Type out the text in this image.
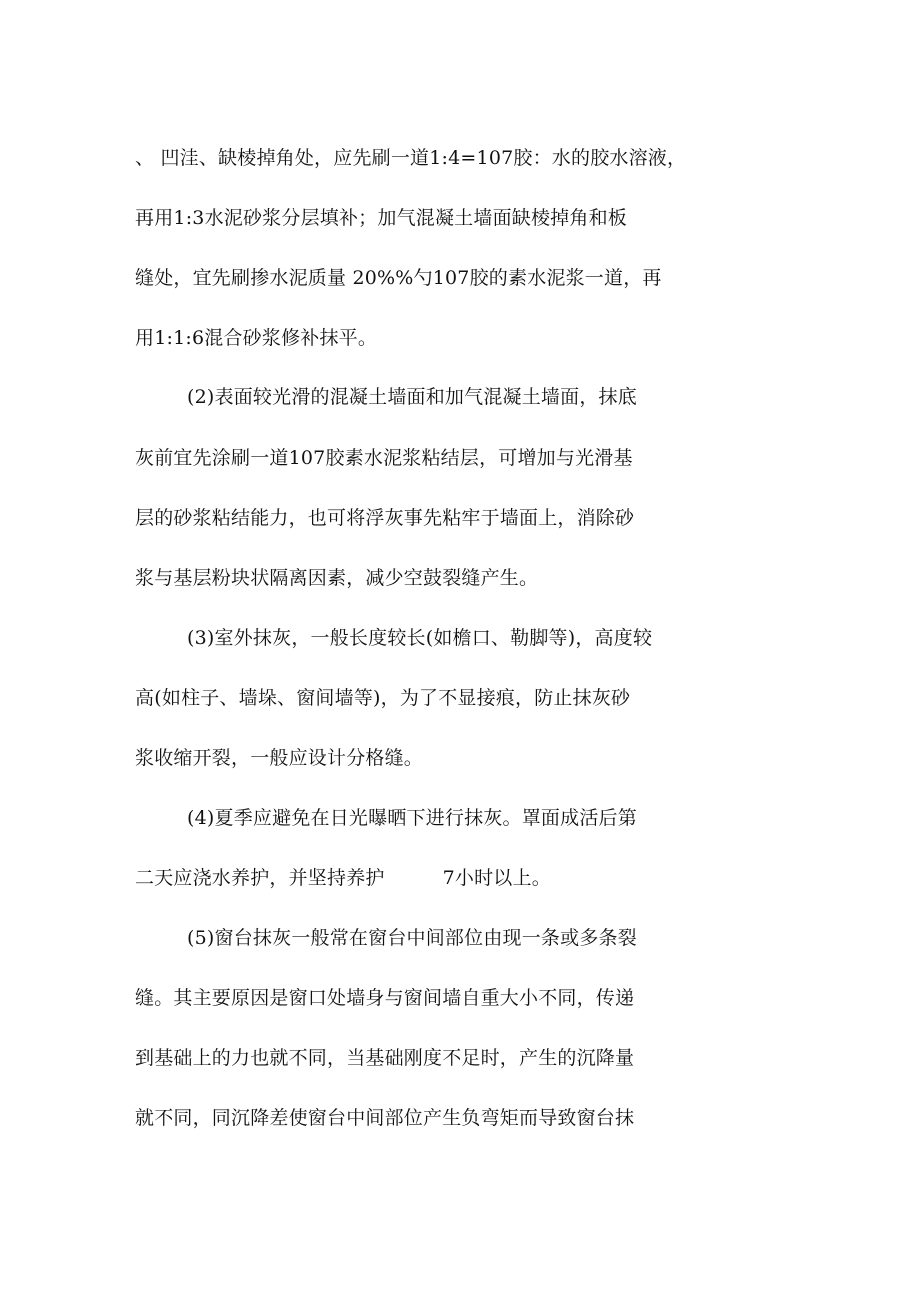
、 凹洼、缺棱掉角处，应先刷一道1:4=107胶：水的胶水溶液，
再用1:3水泥砂浆分层填补；加气混凝土墙面缺棱掉角和板
缝处，宜先刷掺水泥质量 20%%勺107胶的素水泥浆一道，再
用1:1:6混合砂浆修补抹平。
(2)表面较光滑的混凝土墙面和加气混凝土墙面，抹底
灰前宜先涂刷一道107胶素水泥浆粘结层，可增加与光滑基
层的砂浆粘结能力，也可将浮灰事先粘牢于墙面上，消除砂
浆与基层粉块状隔离因素，减少空鼓裂缝产生。
(3)室外抹灰，一般长度较长(如檐口、勒脚等)，高度较
高(如柱子、墙垛、窗间墙等)，为了不显接痕，防止抹灰砂
浆收缩开裂，一般应设计分格缝。
(4)夏季应避免在日光曝晒下进行抹灰。罩面成活后第
二天应浇水养护，并坚持养护	7小时以上。
(5)窗台抹灰一般常在窗台中间部位由现一条或多条裂
缝。其主要原因是窗口处墙身与窗间墙自重大小不同，传递
到基础上的力也就不同，当基础刚度不足时，产生的沉降量
就不同，同沉降差使窗台中间部位产生负弯矩而导致窗台抹
